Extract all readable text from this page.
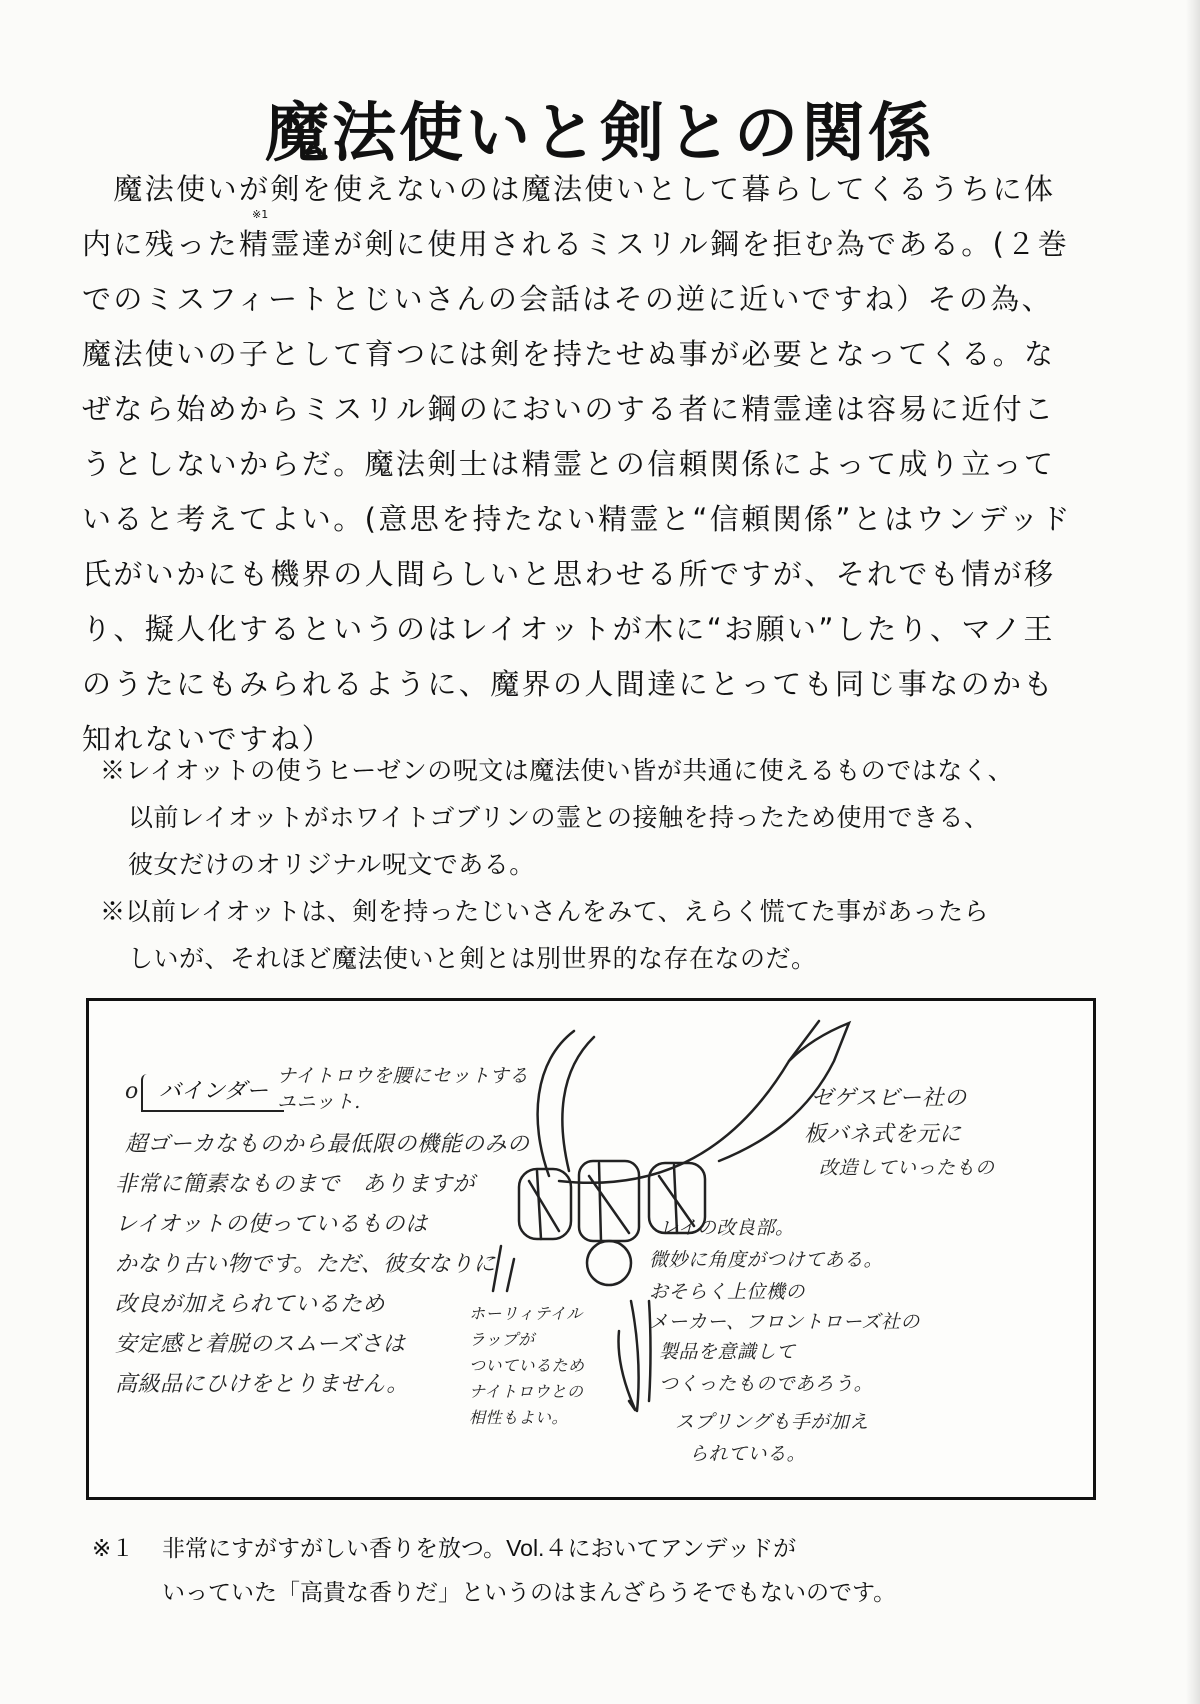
魔法使いと剣との関係
　魔法使いが剣を使えないのは魔法使いとして暮らしてくるうちに体
※1
内に残った精霊達が剣に使用されるミスリル鋼を拒む為である。(２巻
でのミスフィートとじいさんの会話はその逆に近いですね）その為、
魔法使いの子として育つには剣を持たせぬ事が必要となってくる。な
ぜなら始めからミスリル鋼のにおいのする者に精霊達は容易に近付こ
うとしないからだ。魔法剣士は精霊との信頼関係によって成り立って
いると考えてよい。(意思を持たない精霊と“信頼関係”とはウンデッド
氏がいかにも機界の人間らしいと思わせる所ですが、それでも情が移
り、擬人化するというのはレイオットが木に“お願い”したり、マノ王
のうたにもみられるように、魔界の人間達にとっても同じ事なのかも
知れないですね）
※レイオットの使うヒーゼンの呪文は魔法使い皆が共通に使えるものではなく、
以前レイオットがホワイトゴブリンの霊との接触を持ったため使用できる、
彼女だけのオリジナル呪文である。
※以前レイオットは、剣を持ったじいさんをみて、えらく慌てた事があったら
しいが、それほど魔法使いと剣とは別世界的な存在なのだ。
o バインダー
ナイトロウを腰にセットする
ユニット.
超ゴーカなものから最低限の機能のみの
非常に簡素なものまで　ありますが
レイオットの使っているものは
かなり古い物です。ただ、彼女なりに
改良が加えられているため
安定感と着脱のスムーズさは
高級品にひけをとりません。
ホーリィテイル
ラップが
ついているため
ナイトロウとの
相性もよい。
ゼゲスビー社の
板バネ式を元に
改造していったもの
レイの改良部。
微妙に角度がつけてある。
おそらく上位機の
メーカー、フロントローズ社の
製品を意識して
つくったものであろう。
スプリングも手が加え
られている。
※１ 非常にすがすがしい香りを放つ。Vol.４においてアンデッドが
いっていた「高貴な香りだ」というのはまんざらうそでもないのです。
